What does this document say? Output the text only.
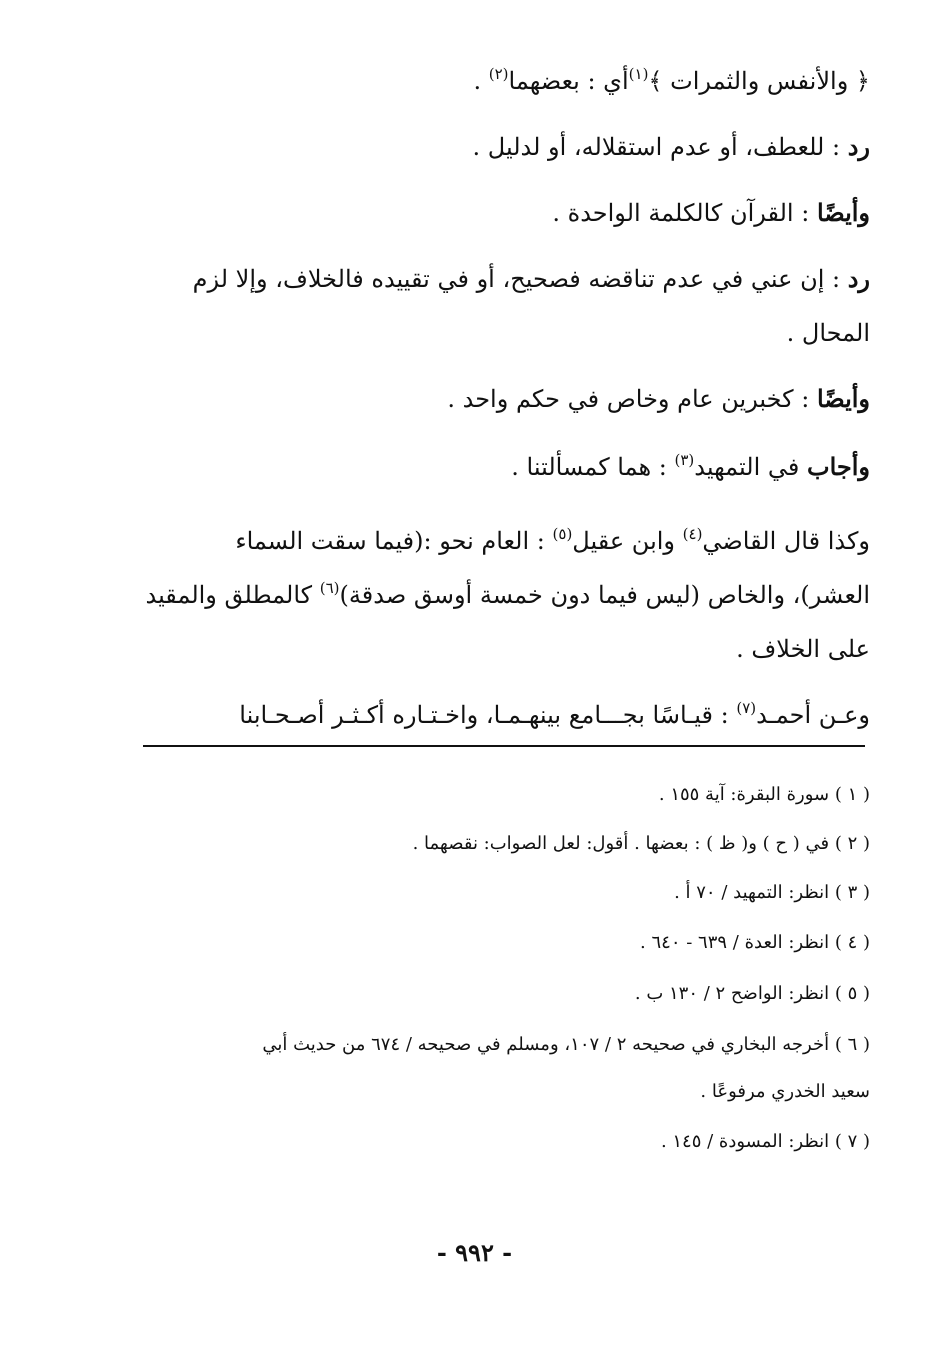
﴿ والأنفس والثمرات ﴾$^{(١)}$أي : بعضهما$^{(٢)}$ .
رد : للعطف، أو عدم استقلاله، أو لدليل .
وأيضًا : القرآن كالكلمة الواحدة .
رد : إن عني في عدم تناقضه فصحيح، أو في تقييده فالخلاف، وإلا لزم
المحال .
وأيضًا : كخبرين عام وخاص في حكم واحد .
وأجاب في التمهيد$^{(٣)}$ : هما كمسألتنا .
وكذا قال القاضي$^{(٤)}$ وابن عقيل$^{(٥)}$ : العام نحو :(فيما سقت السماء
العشر)، والخاص (ليس فيما دون خمسة أوسق صدقة)$^{(٦)}$ كالمطلق والمقيد
على الخلاف .
وعـن أحمـد$^{(٧)}$ : قيـاسًا بجـــامع بينهـمـا، واخـتـاره أكـثـر أصـحـابنا
( ١ ) سورة البقرة: آية ١٥٥ .
( ٢ ) في ( ح ) و( ظ ) : بعضها . أقول: لعل الصواب: نقصهما .
( ٣ ) انظر: التمهيد / ٧٠ أ .
( ٤ ) انظر: العدة / ٦٣٩ - ٦٤٠ .
( ٥ ) انظر: الواضح ٢ / ١٣٠ ب .
( ٦ ) أخرجه البخاري في صحيحه ٢ / ١٠٧، ومسلم في صحيحه / ٦٧٤ من حديث أبي
سعيد الخدري مرفوعًا .
( ٧ ) انظر: المسودة / ١٤٥ .
- ٩٩٢ -
